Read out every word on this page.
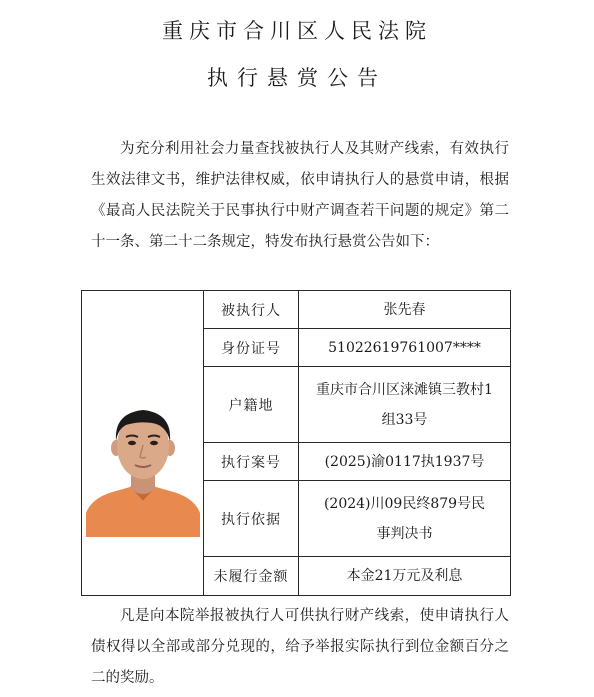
重庆市合川区人民法院
执行悬赏公告
为充分利用社会力量查找被执行人及其财产线索，有效执行生效法律文书，维护法律权威，依申请执行人的悬赏申请，根据《最高人民法院关于民事执行中财产调查若干问题的规定》第二十一条、第二十二条规定，特发布执行悬赏公告如下：
	被执行人	张先春
	身份证号	51022619761007****
	户籍地	重庆市合川区涞滩镇三教村1组33号
	执行案号	(2025)渝0117执1937号
	执行依据	(2024)川09民终879号民事判决书
	未履行金额	本金21万元及利息
凡是向本院举报被执行人可供执行财产线索，使申请执行人债权得以全部或部分兑现的，给予举报实际执行到位金额百分之二的奖励。
